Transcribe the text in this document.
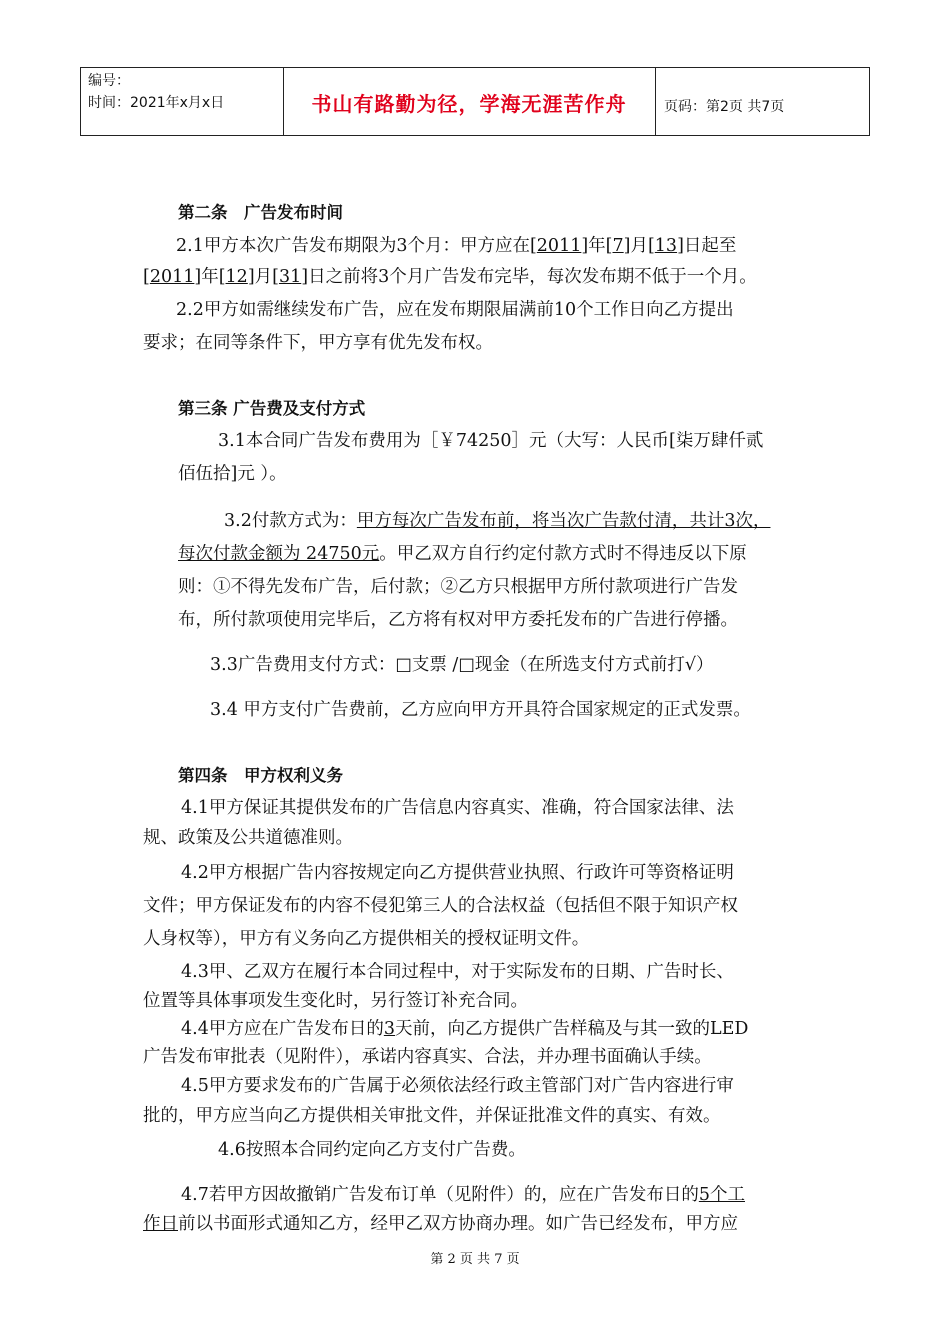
编号：
时间：2021年x月x日	书山有路勤为径，学海无涯苦作舟	页码：第2页 共7页
第二条　广告发布时间
2.1甲方本次广告发布期限为3个月：甲方应在[2011]年[7]月[13]日起至
[2011]年[12]月[31]日之前将3个月广告发布完毕，每次发布期不低于一个月。
2.2甲方如需继续发布广告，应在发布期限届满前10个工作日向乙方提出
要求；在同等条件下，甲方享有优先发布权。
第三条 广告费及支付方式
3.1本合同广告发布费用为［￥74250］元（大写：人民币[柒万肆仟贰
佰伍拾]元 ）。
3.2付款方式为：甲方每次广告发布前，将当次广告款付清，共计3次，
每次付款金额为 24750元。甲乙双方自行约定付款方式时不得违反以下原
则：①不得先发布广告，后付款；②乙方只根据甲方所付款项进行广告发
布，所付款项使用完毕后，乙方将有权对甲方委托发布的广告进行停播。
3.3广告费用支付方式：□支票 /□现金（在所选支付方式前打√）
3.4 甲方支付广告费前，乙方应向甲方开具符合国家规定的正式发票。
第四条　甲方权利义务
4.1甲方保证其提供发布的广告信息内容真实、准确，符合国家法律、法
规、政策及公共道德准则。
4.2甲方根据广告内容按规定向乙方提供营业执照、行政许可等资格证明
文件；甲方保证发布的内容不侵犯第三人的合法权益（包括但不限于知识产权
人身权等），甲方有义务向乙方提供相关的授权证明文件。
4.3甲、乙双方在履行本合同过程中，对于实际发布的日期、广告时长、
位置等具体事项发生变化时，另行签订补充合同。
4.4甲方应在广告发布日的3天前，向乙方提供广告样稿及与其一致的LED
广告发布审批表（见附件），承诺内容真实、合法，并办理书面确认手续。
4.5甲方要求发布的广告属于必须依法经行政主管部门对广告内容进行审
批的，甲方应当向乙方提供相关审批文件，并保证批准文件的真实、有效。
4.6按照本合同约定向乙方支付广告费。
4.7若甲方因故撤销广告发布订单（见附件）的，应在广告发布日的5个工
作日前以书面形式通知乙方，经甲乙双方协商办理。如广告已经发布，甲方应
第 2 页 共 7 页
